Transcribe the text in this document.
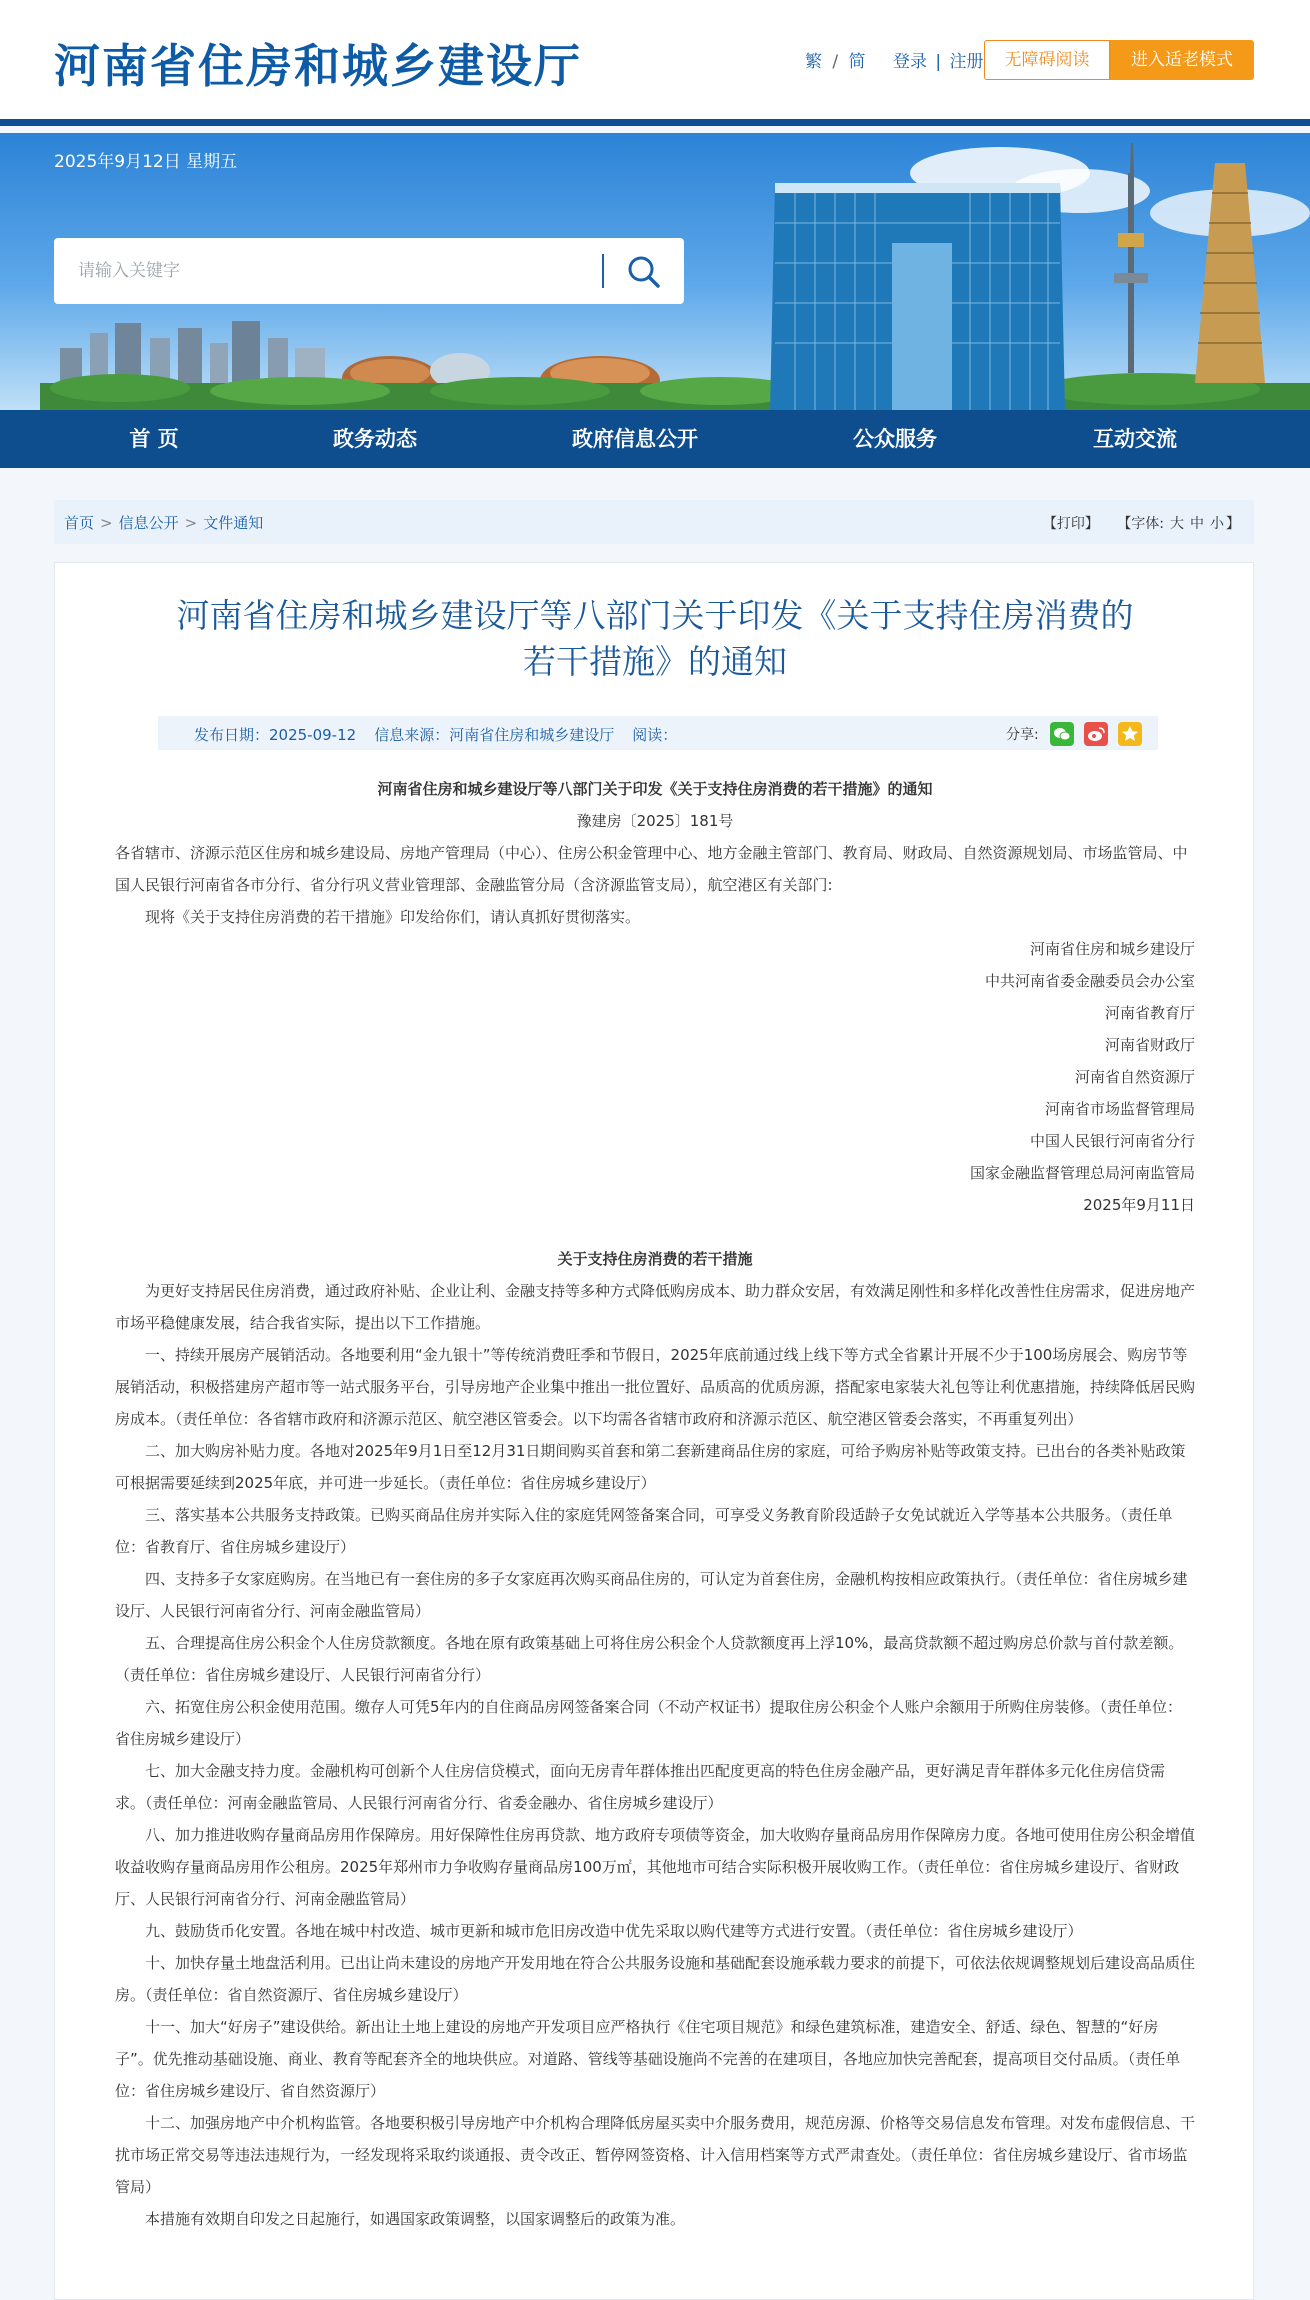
河南省住房和城乡建设厅	繁 / 简 登录 | 注册	无障碍阅读	进入适老模式
2025年9月12日 星期五
请输入关键字
首 页	政务动态	政府信息公开	公众服务	互动交流
首页 > 信息公开 > 文件通知	【打印】 【字体: 大 中 小 】
河南省住房和城乡建设厅等八部门关于印发《关于支持住房消费的
若干措施》的通知
发布日期：2025-09-12 信息来源：河南省住房和城乡建设厅 阅读：	分享:

河南省住房和城乡建设厅等八部门关于印发《关于支持住房消费的若干措施》的通知

豫建房〔2025〕181号

各省辖市、济源示范区住房和城乡建设局、房地产管理局（中心）、住房公积金管理中心、地方金融主管部门、教育局、财政局、自然资源规划局、市场监管局、中国人民银行河南省各市分行、省分行巩义营业管理部、金融监管分局（含济源监管支局），航空港区有关部门:

现将《关于支持住房消费的若干措施》印发给你们，请认真抓好贯彻落实。

河南省住房和城乡建设厅

中共河南省委金融委员会办公室

河南省教育厅

河南省财政厅

河南省自然资源厅

河南省市场监督管理局

中国人民银行河南省分行

国家金融监督管理总局河南监管局

2025年9月11日

关于支持住房消费的若干措施

为更好支持居民住房消费，通过政府补贴、企业让利、金融支持等多种方式降低购房成本、助力群众安居，有效满足刚性和多样化改善性住房需求，促进房地产市场平稳健康发展，结合我省实际，提出以下工作措施。

一、持续开展房产展销活动。各地要利用“金九银十”等传统消费旺季和节假日，2025年底前通过线上线下等方式全省累计开展不少于100场房展会、购房节等展销活动，积极搭建房产超市等一站式服务平台，引导房地产企业集中推出一批位置好、品质高的优质房源，搭配家电家装大礼包等让利优惠措施，持续降低居民购房成本。（责任单位：各省辖市政府和济源示范区、航空港区管委会。以下均需各省辖市政府和济源示范区、航空港区管委会落实，不再重复列出）

二、加大购房补贴力度。各地对2025年9月1日至12月31日期间购买首套和第二套新建商品住房的家庭，可给予购房补贴等政策支持。已出台的各类补贴政策可根据需要延续到2025年底，并可进一步延长。（责任单位：省住房城乡建设厅）

三、落实基本公共服务支持政策。已购买商品住房并实际入住的家庭凭网签备案合同，可享受义务教育阶段适龄子女免试就近入学等基本公共服务。（责任单位：省教育厅、省住房城乡建设厅）

四、支持多子女家庭购房。在当地已有一套住房的多子女家庭再次购买商品住房的，可认定为首套住房，金融机构按相应政策执行。（责任单位：省住房城乡建设厅、人民银行河南省分行、河南金融监管局）

五、合理提高住房公积金个人住房贷款额度。各地在原有政策基础上可将住房公积金个人贷款额度再上浮10%，最高贷款额不超过购房总价款与首付款差额。（责任单位：省住房城乡建设厅、人民银行河南省分行）

六、拓宽住房公积金使用范围。缴存人可凭5年内的自住商品房网签备案合同（不动产权证书）提取住房公积金个人账户余额用于所购住房装修。（责任单位：省住房城乡建设厅）

七、加大金融支持力度。金融机构可创新个人住房信贷模式，面向无房青年群体推出匹配度更高的特色住房金融产品，更好满足青年群体多元化住房信贷需求。（责任单位：河南金融监管局、人民银行河南省分行、省委金融办、省住房城乡建设厅）

八、加力推进收购存量商品房用作保障房。用好保障性住房再贷款、地方政府专项债等资金，加大收购存量商品房用作保障房力度。各地可使用住房公积金增值收益收购存量商品房用作公租房。2025年郑州市力争收购存量商品房100万㎡，其他地市可结合实际积极开展收购工作。（责任单位：省住房城乡建设厅、省财政厅、人民银行河南省分行、河南金融监管局）

九、鼓励货币化安置。各地在城中村改造、城市更新和城市危旧房改造中优先采取以购代建等方式进行安置。（责任单位：省住房城乡建设厅）

十、加快存量土地盘活利用。已出让尚未建设的房地产开发用地在符合公共服务设施和基础配套设施承载力要求的前提下，可依法依规调整规划后建设高品质住房。（责任单位：省自然资源厅、省住房城乡建设厅）

十一、加大“好房子”建设供给。新出让土地上建设的房地产开发项目应严格执行《住宅项目规范》和绿色建筑标准，建造安全、舒适、绿色、智慧的“好房子”。优先推动基础设施、商业、教育等配套齐全的地块供应。对道路、管线等基础设施尚不完善的在建项目，各地应加快完善配套，提高项目交付品质。（责任单位：省住房城乡建设厅、省自然资源厅）

十二、加强房地产中介机构监管。各地要积极引导房地产中介机构合理降低房屋买卖中介服务费用，规范房源、价格等交易信息发布管理。对发布虚假信息、干扰市场正常交易等违法违规行为，一经发现将采取约谈通报、责令改正、暂停网签资格、计入信用档案等方式严肃查处。（责任单位：省住房城乡建设厅、省市场监管局）

本措施有效期自印发之日起施行，如遇国家政策调整，以国家调整后的政策为准。
